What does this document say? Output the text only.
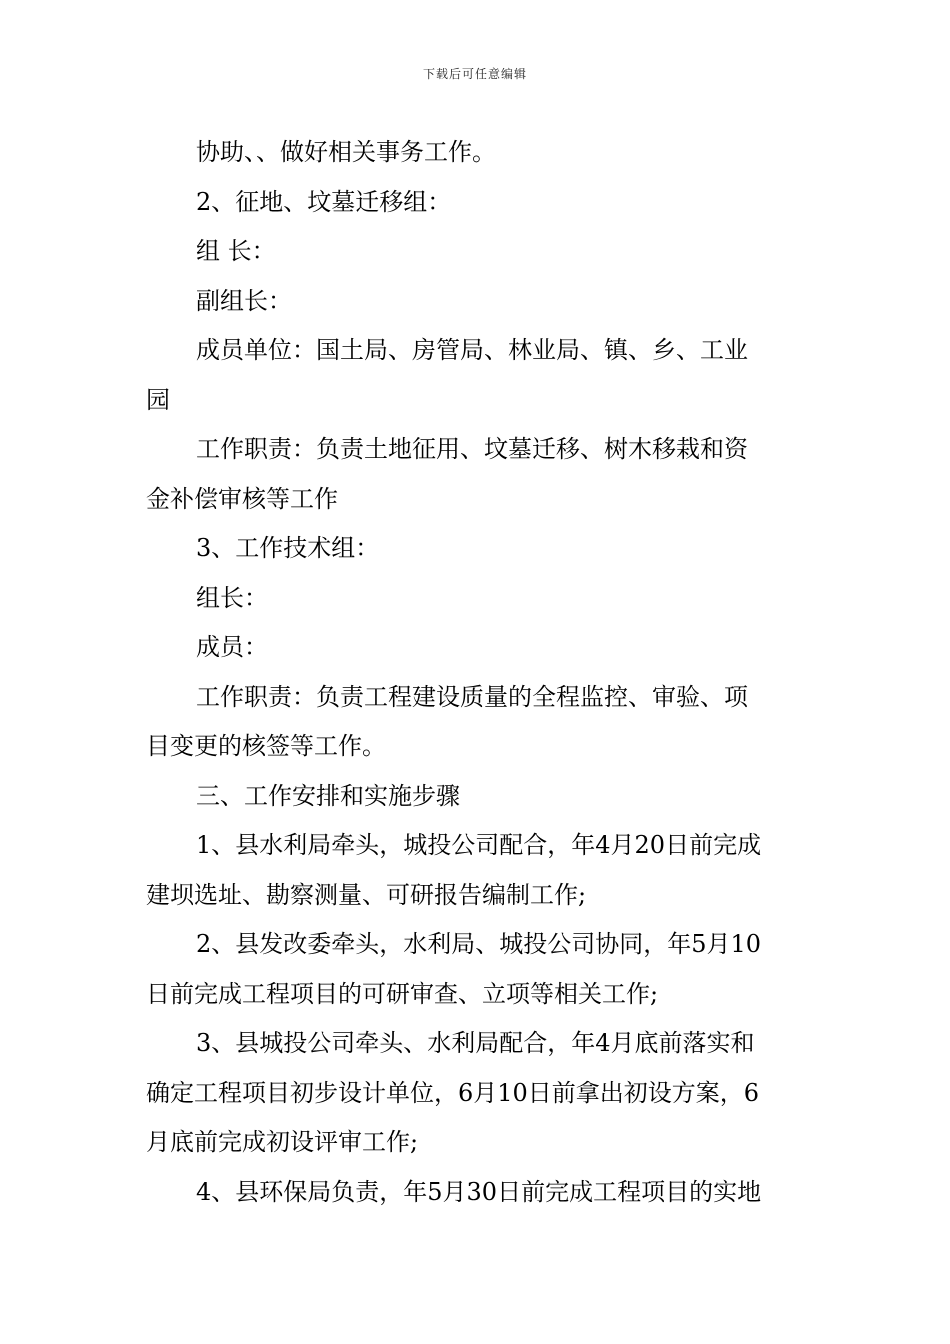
下载后可任意编辑

协助、、做好相关事务工作。

2、征地、坟墓迁移组：

组 长：

副组长：

成员单位：国土局、房管局、林业局、镇、乡、工业

园

工作职责：负责土地征用、坟墓迁移、树木移栽和资

金补偿审核等工作

3、工作技术组：

组长：

成员：

工作职责：负责工程建设质量的全程监控、审验、项

目变更的核签等工作。

三、工作安排和实施步骤

1、县水利局牵头，城投公司配合，年4月20日前完成

建坝选址、勘察测量、可研报告编制工作;

2、县发改委牵头，水利局、城投公司协同，年5月10

日前完成工程项目的可研审查、立项等相关工作;

3、县城投公司牵头、水利局配合，年4月底前落实和

确定工程项目初步设计单位，6月10日前拿出初设方案，6

月底前完成初设评审工作;

4、县环保局负责，年5月30日前完成工程项目的实地
